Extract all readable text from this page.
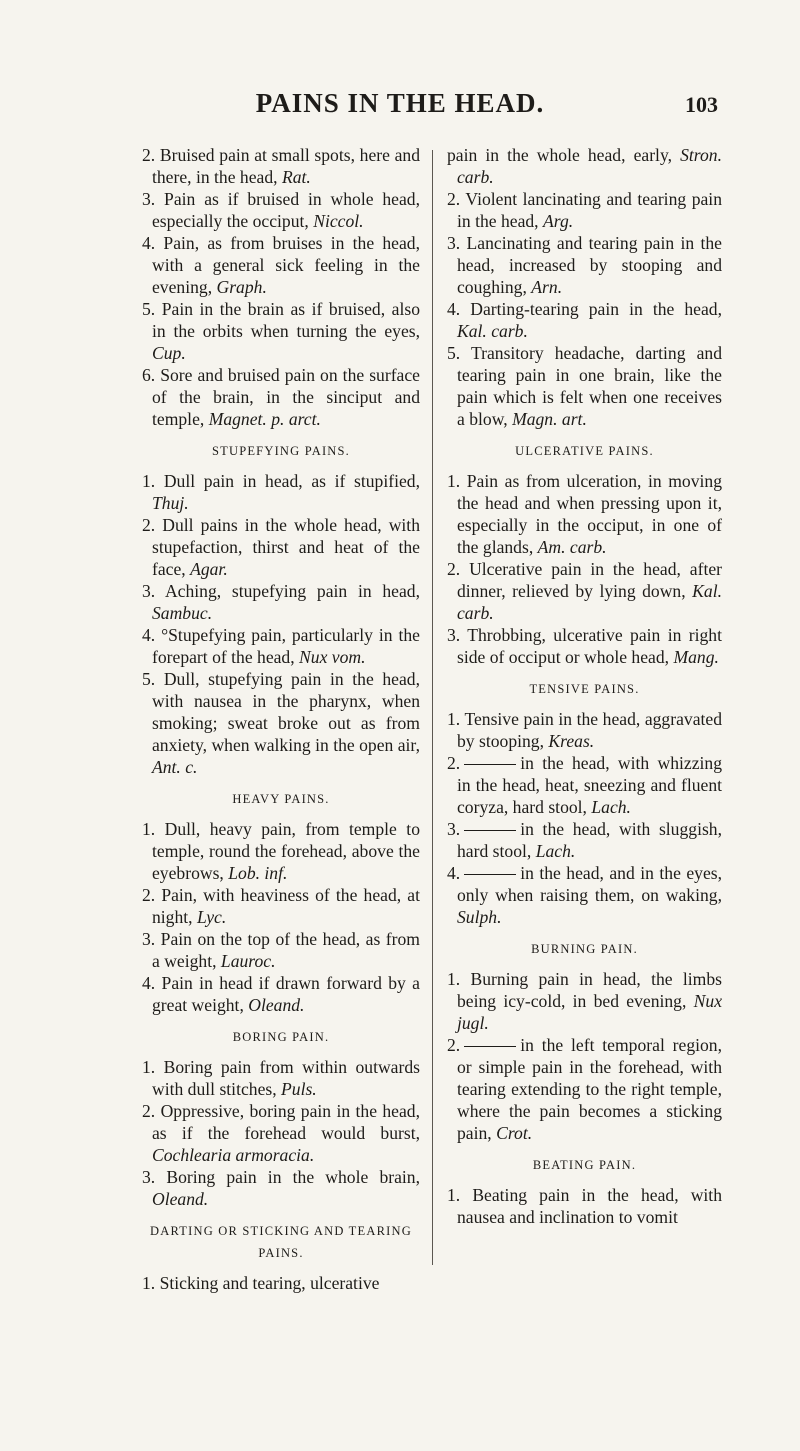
PAINS IN THE HEAD.	103

2. Bruised pain at small spots, here and there, in the head, Rat.

3. Pain as if bruised in whole head, especially the occiput, Niccol.

4. Pain, as from bruises in the head, with a general sick feeling in the evening, Graph.

5. Pain in the brain as if bruised, also in the orbits when turning the eyes, Cup.

6. Sore and bruised pain on the surface of the brain, in the sinciput and temple, Magnet. p. arct.

STUPEFYING PAINS.

1. Dull pain in head, as if stupified, Thuj.

2. Dull pains in the whole head, with stupefaction, thirst and heat of the face, Agar.

3. Aching, stupefying pain in head, Sambuc.

4. °Stupefying pain, particularly in the forepart of the head, Nux vom.

5. Dull, stupefying pain in the head, with nausea in the pharynx, when smoking; sweat broke out as from anxiety, when walking in the open air, Ant. c.

HEAVY PAINS.

1. Dull, heavy pain, from temple to temple, round the forehead, above the eyebrows, Lob. inf.

2. Pain, with heaviness of the head, at night, Lyc.

3. Pain on the top of the head, as from a weight, Lauroc.

4. Pain in head if drawn forward by a great weight, Oleand.

BORING PAIN.

1. Boring pain from within outwards with dull stitches, Puls.

2. Oppressive, boring pain in the head, as if the forehead would burst, Cochlearia armoracia.

3. Boring pain in the whole brain, Oleand.

DARTING OR STICKING AND TEARING PAINS.

1. Sticking and tearing, ulcerative

pain in the whole head, early, Stron. carb.

2. Violent lancinating and tearing pain in the head, Arg.

3. Lancinating and tearing pain in the head, increased by stooping and coughing, Arn.

4. Darting-tearing pain in the head, Kal. carb.

5. Transitory headache, darting and tearing pain in one brain, like the pain which is felt when one receives a blow, Magn. art.

ULCERATIVE PAINS.

1. Pain as from ulceration, in moving the head and when pressing upon it, especially in the occiput, in one of the glands, Am. carb.

2. Ulcerative pain in the head, after dinner, relieved by lying down, Kal. carb.

3. Throbbing, ulcerative pain in right side of occiput or whole head, Mang.

TENSIVE PAINS.

1. Tensive pain in the head, aggravated by stooping, Kreas.

2.	in the head, with whizzing in the head, heat, sneezing and fluent coryza, hard stool, Lach.

3.	in the head, with sluggish, hard stool, Lach.

4.	in the head, and in the eyes, only when raising them, on waking, Sulph.

BURNING PAIN.

1. Burning pain in head, the limbs being icy-cold, in bed evening, Nux jugl.

2.	in the left temporal region, or simple pain in the forehead, with tearing extending to the right temple, where the pain becomes a sticking pain, Crot.

BEATING PAIN.

1. Beating pain in the head, with nausea and inclination to vomit
